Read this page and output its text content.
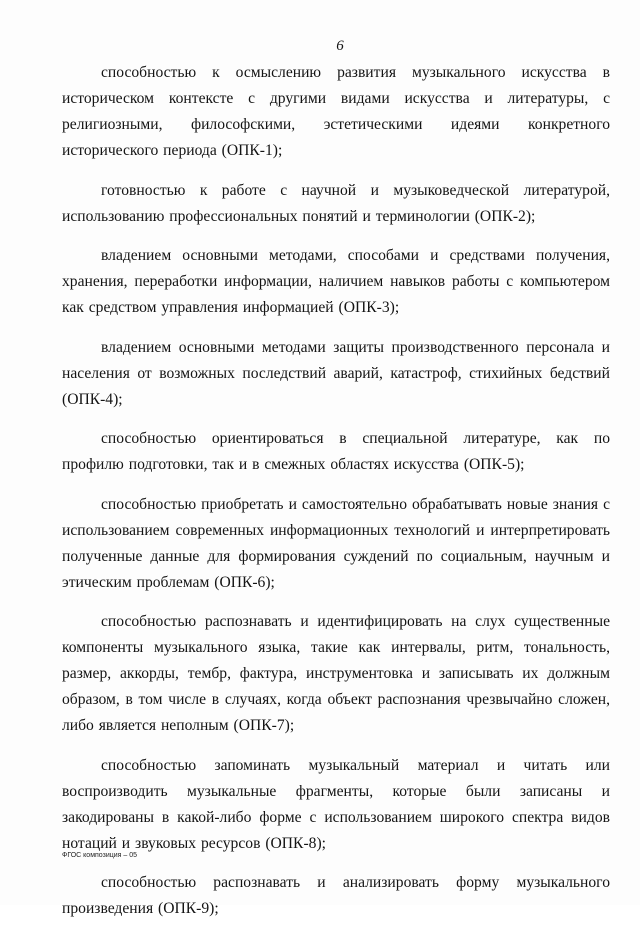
6

способностью к осмыслению развития музыкального искусства в историческом контексте с другими видами искусства и литературы, с религиозными, философскими, эстетическими идеями конкретного исторического периода (ОПК-1);

готовностью к работе с научной и музыковедческой литературой, использованию профессиональных понятий и терминологии (ОПК-2);

владением основными методами, способами и средствами получения, хранения, переработки информации, наличием навыков работы с компьютером как средством управления информацией (ОПК-3);

владением основными методами защиты производственного персонала и населения от возможных последствий аварий, катастроф, стихийных бедствий (ОПК-4);

способностью ориентироваться в специальной литературе, как по профилю подготовки, так и в смежных областях искусства (ОПК-5);

способностью приобретать и самостоятельно обрабатывать новые знания с использованием современных информационных технологий и интерпретировать полученные данные для формирования суждений по социальным, научным и этическим проблемам (ОПК-6);

способностью распознавать и идентифицировать на слух существенные компоненты музыкального языка, такие как интервалы, ритм, тональность, размер, аккорды, тембр, фактура, инструментовка и записывать их должным образом, в том числе в случаях, когда объект распознания чрезвычайно сложен, либо является неполным (ОПК-7);

способностью запоминать музыкальный материал и читать или воспроизводить музыкальные фрагменты, которые были записаны и закодированы в какой-либо форме с использованием широкого спектра видов нотаций и звуковых ресурсов (ОПК-8);

способностью распознавать и анализировать форму музыкального произведения (ОПК-9);

ФГОС композиция – 05
